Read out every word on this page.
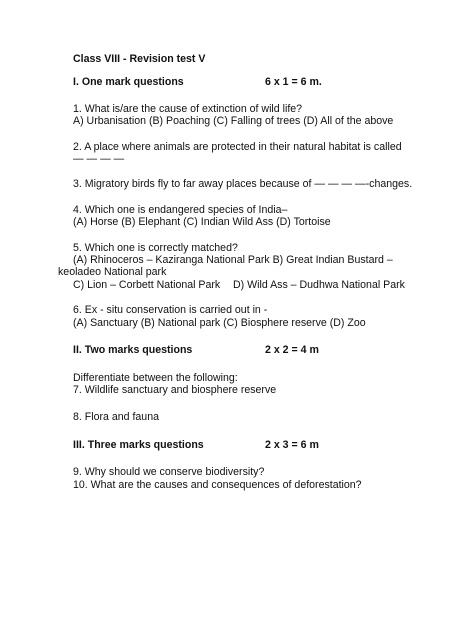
Class VIII - Revision test V
I. One mark questions	6 x 1 = 6 m.
1. What is/are the cause of extinction of wild life?
A) Urbanisation (B) Poaching (C) Falling of trees (D) All of the above
2. A place where animals are protected in their natural habitat is called
— — — —
3. Migratory birds fly to far away places because of — — — —-changes.
4. Which one is endangered species of India–
(A) Horse (B) Elephant (C) Indian Wild Ass (D) Tortoise
5. Which one is correctly matched?
(A) Rhinoceros – Kaziranga National Park B) Great Indian Bustard – keoladeo National park
C) Lion – Corbett National Park	D) Wild Ass – Dudhwa National Park
6. Ex - situ conservation is carried out in -
(A) Sanctuary (B) National park (C) Biosphere reserve (D) Zoo
II. Two marks questions	2 x 2 = 4 m
Differentiate between the following:
7. Wildlife sanctuary and biosphere reserve
8. Flora and fauna
III. Three marks questions	2 x 3 = 6 m
9. Why should we conserve biodiversity?
10. What are the causes and consequences of deforestation?
